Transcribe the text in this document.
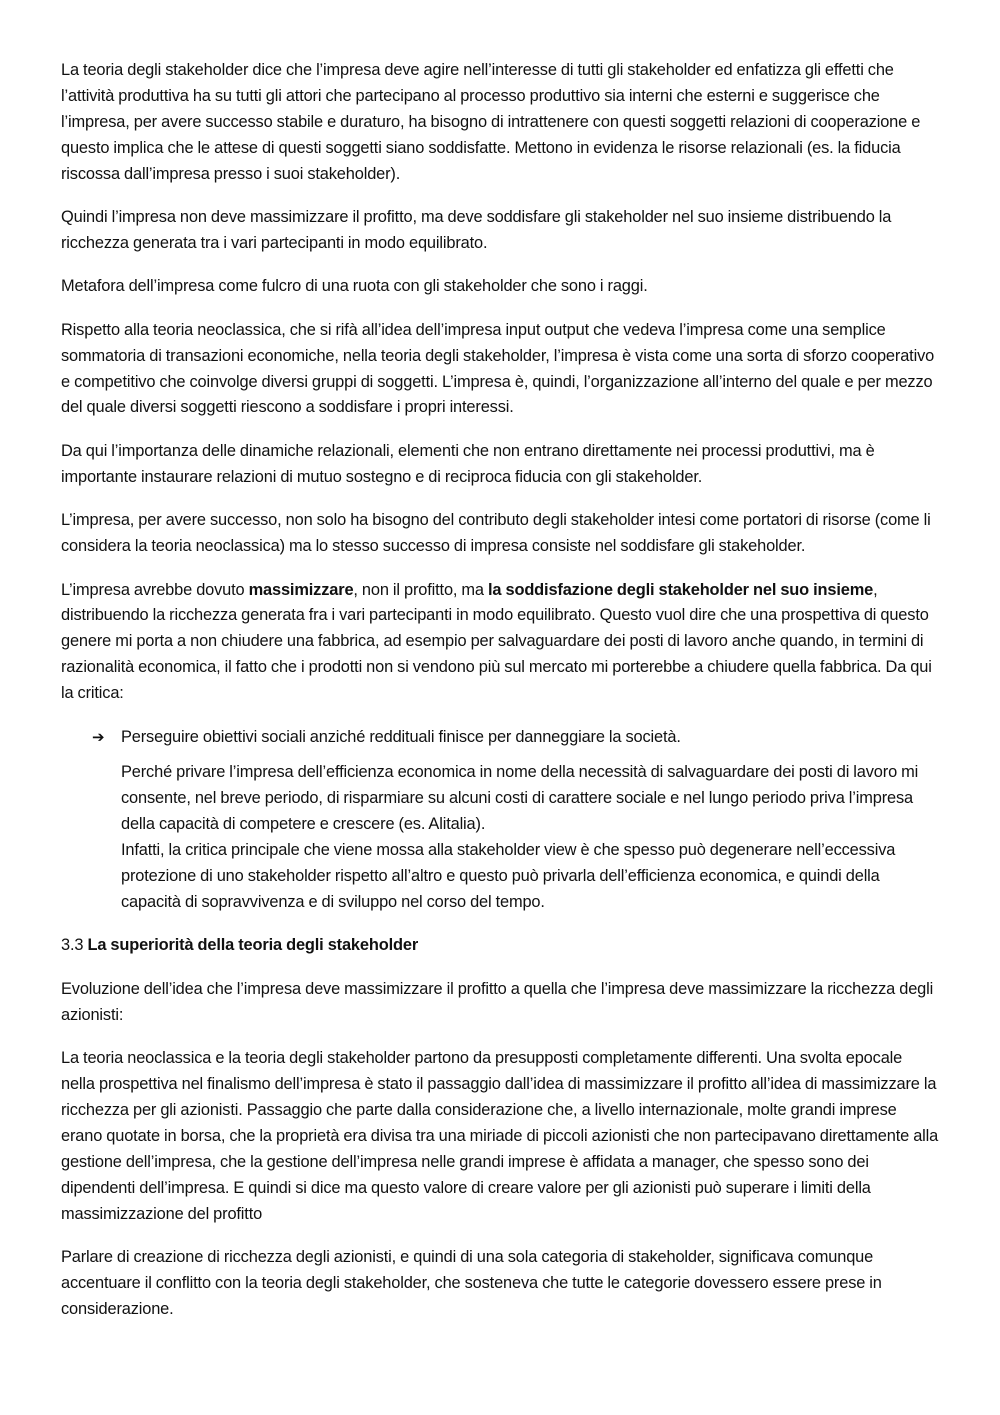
La teoria degli stakeholder dice che l’impresa deve agire nell’interesse di tutti gli stakeholder ed enfatizza gli effetti che l’attività produttiva ha su tutti gli attori che partecipano al processo produttivo sia interni che esterni e suggerisce che l’impresa, per avere successo stabile e duraturo, ha bisogno di intrattenere con questi soggetti relazioni di cooperazione e questo implica che le attese di questi soggetti siano soddisfatte. Mettono in evidenza le risorse relazionali (es. la fiducia riscossa dall’impresa presso i suoi stakeholder).

Quindi l’impresa non deve massimizzare il profitto, ma deve soddisfare gli stakeholder nel suo insieme distribuendo la ricchezza generata tra i vari partecipanti in modo equilibrato.

Metafora dell’impresa come fulcro di una ruota con gli stakeholder che sono i raggi.

Rispetto alla teoria neoclassica, che si rifà all’idea dell’impresa input output che vedeva l’impresa come una semplice sommatoria di transazioni economiche, nella teoria degli stakeholder, l’impresa è vista come una sorta di sforzo cooperativo e competitivo che coinvolge diversi gruppi di soggetti. L’impresa è, quindi, l’organizzazione all’interno del quale e per mezzo del quale diversi soggetti riescono a soddisfare i propri interessi.

Da qui l’importanza delle dinamiche relazionali, elementi che non entrano direttamente nei processi produttivi, ma è importante instaurare relazioni di mutuo sostegno e di reciproca fiducia con gli stakeholder.

L’impresa, per avere successo, non solo ha bisogno del contributo degli stakeholder intesi come portatori di risorse (come li considera la teoria neoclassica) ma lo stesso successo di impresa consiste nel soddisfare gli stakeholder.

L’impresa avrebbe dovuto massimizzare, non il profitto, ma la soddisfazione degli stakeholder nel suo insieme, distribuendo la ricchezza generata fra i vari partecipanti in modo equilibrato. Questo vuol dire che una prospettiva di questo genere mi porta a non chiudere una fabbrica, ad esempio per salvaguardare dei posti di lavoro anche quando, in termini di razionalità economica, il fatto che i prodotti non si vendono più sul mercato mi porterebbe a chiudere quella fabbrica. Da qui la critica:

➔ Perseguire obiettivi sociali anziché reddituali finisce per danneggiare la società.
Perché privare l’impresa dell’efficienza economica in nome della necessità di salvaguardare dei posti di lavoro mi consente, nel breve periodo, di risparmiare su alcuni costi di carattere sociale e nel lungo periodo priva l’impresa della capacità di competere e crescere (es. Alitalia).
Infatti, la critica principale che viene mossa alla stakeholder view è che spesso può degenerare nell’eccessiva protezione di uno stakeholder rispetto all’altro e questo può privarla dell’efficienza economica, e quindi della capacità di sopravvivenza e di sviluppo nel corso del tempo.

3.3 La superiorità della teoria degli stakeholder

Evoluzione dell’idea che l’impresa deve massimizzare il profitto a quella che l’impresa deve massimizzare la ricchezza degli azionisti:

La teoria neoclassica e la teoria degli stakeholder partono da presupposti completamente differenti. Una svolta epocale nella prospettiva nel finalismo dell’impresa è stato il passaggio dall’idea di massimizzare il profitto all’idea di massimizzare la ricchezza per gli azionisti. Passaggio che parte dalla considerazione che, a livello internazionale, molte grandi imprese erano quotate in borsa, che la proprietà era divisa tra una miriade di piccoli azionisti che non partecipavano direttamente alla gestione dell’impresa, che la gestione dell’impresa nelle grandi imprese è affidata a manager, che spesso sono dei dipendenti dell’impresa. E quindi si dice ma questo valore di creare valore per gli azionisti può superare i limiti della massimizzazione del profitto

Parlare di creazione di ricchezza degli azionisti, e quindi di una sola categoria di stakeholder, significava comunque accentuare il conflitto con la teoria degli stakeholder, che sosteneva che tutte le categorie dovessero essere prese in considerazione.
